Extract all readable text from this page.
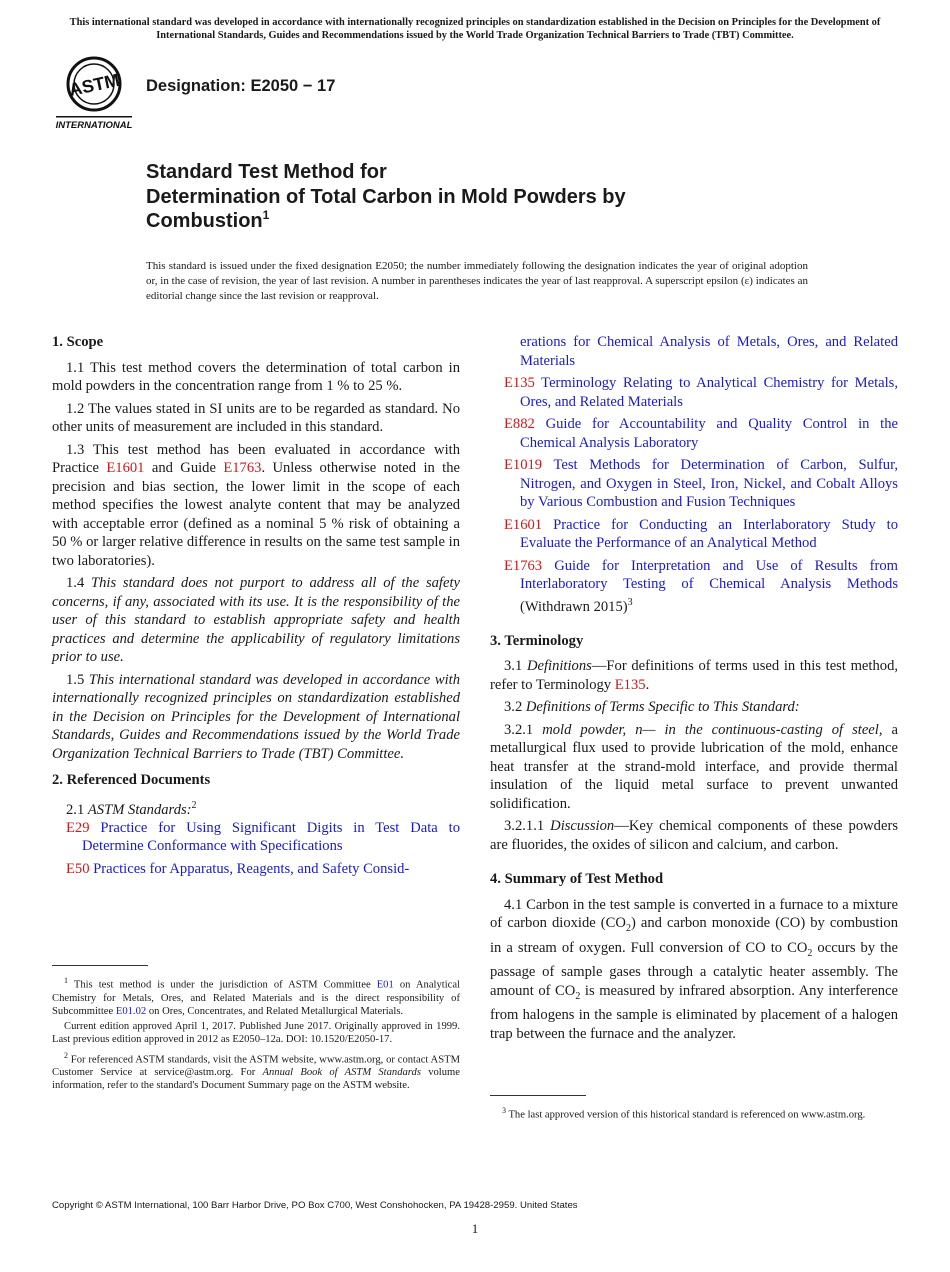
This international standard was developed in accordance with internationally recognized principles on standardization established in the Decision on Principles for the Development of International Standards, Guides and Recommendations issued by the World Trade Organization Technical Barriers to Trade (TBT) Committee.
ASTM
INTERNATIONAL
Designation: E2050 − 17
Standard Test Method for
Determination of Total Carbon in Mold Powders by
Combustion$^1$
This standard is issued under the fixed designation E2050; the number immediately following the designation indicates the year of original adoption or, in the case of revision, the year of last revision. A number in parentheses indicates the year of last reapproval. A superscript epsilon (ε) indicates an editorial change since the last revision or reapproval.
1. Scope

1.1 This test method covers the determination of total carbon in mold powders in the concentration range from 1 % to 25 %.

1.2 The values stated in SI units are to be regarded as standard. No other units of measurement are included in this standard.

1.3 This test method has been evaluated in accordance with Practice E1601 and Guide E1763. Unless otherwise noted in the precision and bias section, the lower limit in the scope of each method specifies the lowest analyte content that may be analyzed with acceptable error (defined as a nominal 5 % risk of obtaining a 50 % or larger relative difference in results on the same test sample in two laboratories).

1.4 This standard does not purport to address all of the safety concerns, if any, associated with its use. It is the responsibility of the user of this standard to establish appropriate safety and health practices and determine the applicability of regulatory limitations prior to use.

1.5 This international standard was developed in accordance with internationally recognized principles on standardization established in the Decision on Principles for the Development of International Standards, Guides and Recommendations issued by the World Trade Organization Technical Barriers to Trade (TBT) Committee.

2. Referenced Documents

2.1 ASTM Standards:$^2$

E29 Practice for Using Significant Digits in Test Data to Determine Conformance with Specifications

E50 Practices for Apparatus, Reagents, and Safety Consid-

$^1$ This test method is under the jurisdiction of ASTM Committee E01 on Analytical Chemistry for Metals, Ores, and Related Materials and is the direct responsibility of Subcommittee E01.02 on Ores, Concentrates, and Related Metallurgical Materials.

Current edition approved April 1, 2017. Published June 2017. Originally approved in 1999. Last previous edition approved in 2012 as E2050–12a. DOI: 10.1520/E2050-17.

$^2$ For referenced ASTM standards, visit the ASTM website, www.astm.org, or contact ASTM Customer Service at service@astm.org. For Annual Book of ASTM Standards volume information, refer to the standard's Document Summary page on the ASTM website.

erations for Chemical Analysis of Metals, Ores, and Related Materials

E135 Terminology Relating to Analytical Chemistry for Metals, Ores, and Related Materials

E882 Guide for Accountability and Quality Control in the Chemical Analysis Laboratory

E1019 Test Methods for Determination of Carbon, Sulfur, Nitrogen, and Oxygen in Steel, Iron, Nickel, and Cobalt Alloys by Various Combustion and Fusion Techniques

E1601 Practice for Conducting an Interlaboratory Study to Evaluate the Performance of an Analytical Method

E1763 Guide for Interpretation and Use of Results from Interlaboratory Testing of Chemical Analysis Methods (Withdrawn 2015)$^3$

3. Terminology

3.1 Definitions—For definitions of terms used in this test method, refer to Terminology E135.

3.2 Definitions of Terms Specific to This Standard:

3.2.1 mold powder, n— in the continuous-casting of steel, a metallurgical flux used to provide lubrication of the mold, enhance heat transfer at the strand-mold interface, and provide thermal insulation of the liquid metal surface to prevent unwanted solidification.

3.2.1.1 Discussion—Key chemical components of these powders are fluorides, the oxides of silicon and calcium, and carbon.

4. Summary of Test Method

4.1 Carbon in the test sample is converted in a furnace to a mixture of carbon dioxide $(CO_2)$ and carbon monoxide (CO) by combustion in a stream of oxygen. Full conversion of CO to $CO_2$ occurs by the passage of sample gases through a catalytic heater assembly. The amount of $CO_2$ is measured by infrared absorption. Any interference from halogens in the sample is eliminated by placement of a halogen trap between the furnace and the analyzer.

$^3$ The last approved version of this historical standard is referenced on www.astm.org.

Copyright © ASTM International, 100 Barr Harbor Drive, PO Box C700, West Conshohocken, PA 19428-2959. United States
1
